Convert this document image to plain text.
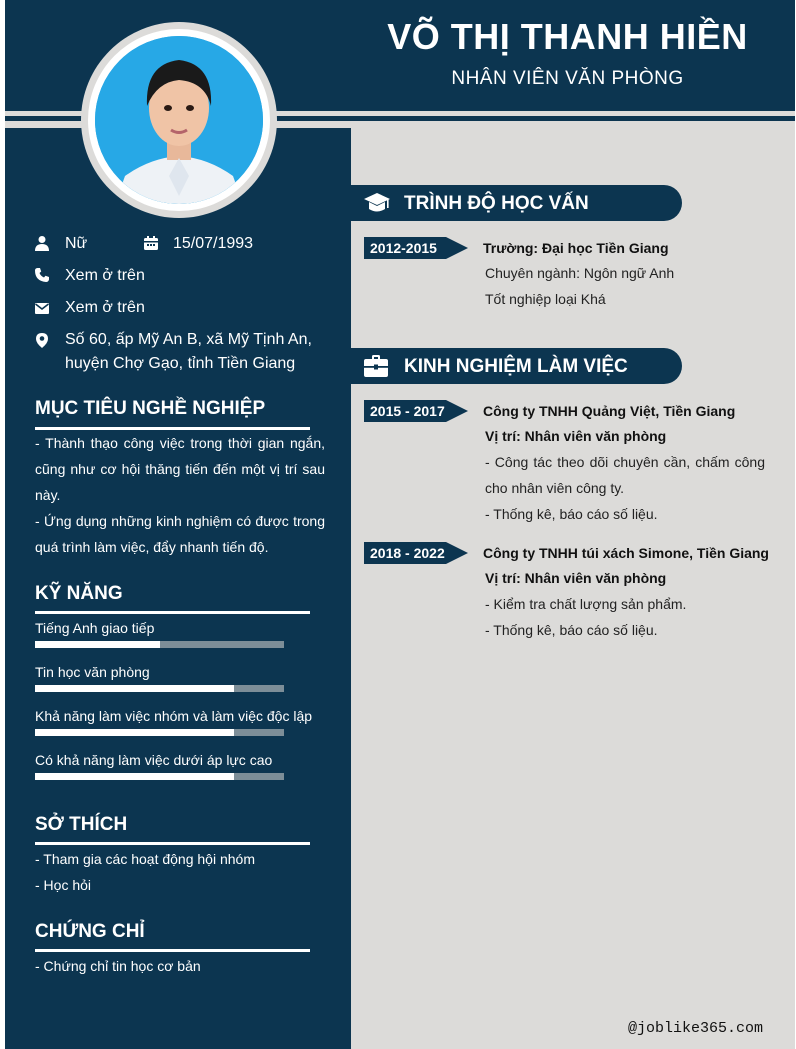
VÕ THỊ THANH HIỀN
NHÂN VIÊN VĂN PHÒNG
Nữ	15/07/1993
Xem ở trên
Xem ở trên
Số 60, ấp Mỹ An B, xã Mỹ Tịnh An,
huyện Chợ Gạo, tỉnh Tiền Giang
MỤC TIÊU NGHỀ NGHIỆP
- Thành thạo công việc trong thời gian ngắn,
cũng như cơ hội thăng tiến đến một vị trí sau
này.
- Ứng dụng những kinh nghiệm có được trong
quá trình làm việc, đẩy nhanh tiến độ.
KỸ NĂNG
Tiếng Anh giao tiếp
Tin học văn phòng
Khả năng làm việc nhóm và làm việc độc lập
Có khả năng làm việc dưới áp lực cao
SỞ THÍCH
- Tham gia các hoạt động hội nhóm
- Học hỏi
CHỨNG CHỈ
- Chứng chỉ tin học cơ bản
TRÌNH ĐỘ HỌC VẤN
2012-2015	Trường: Đại học Tiền Giang
Chuyên ngành: Ngôn ngữ Anh
Tốt nghiệp loại Khá
KINH NGHIỆM LÀM VIỆC
2015 - 2017	Công ty TNHH Quảng Việt, Tiền Giang
Vị trí: Nhân viên văn phòng
- Công tác theo dõi chuyên cần, chấm công
cho nhân viên công ty.
- Thống kê, báo cáo số liệu.
2018 - 2022	Công ty TNHH túi xách Simone, Tiền Giang
Vị trí: Nhân viên văn phòng
- Kiểm tra chất lượng sản phẩm.
- Thống kê, báo cáo số liệu.
@joblike365.com
